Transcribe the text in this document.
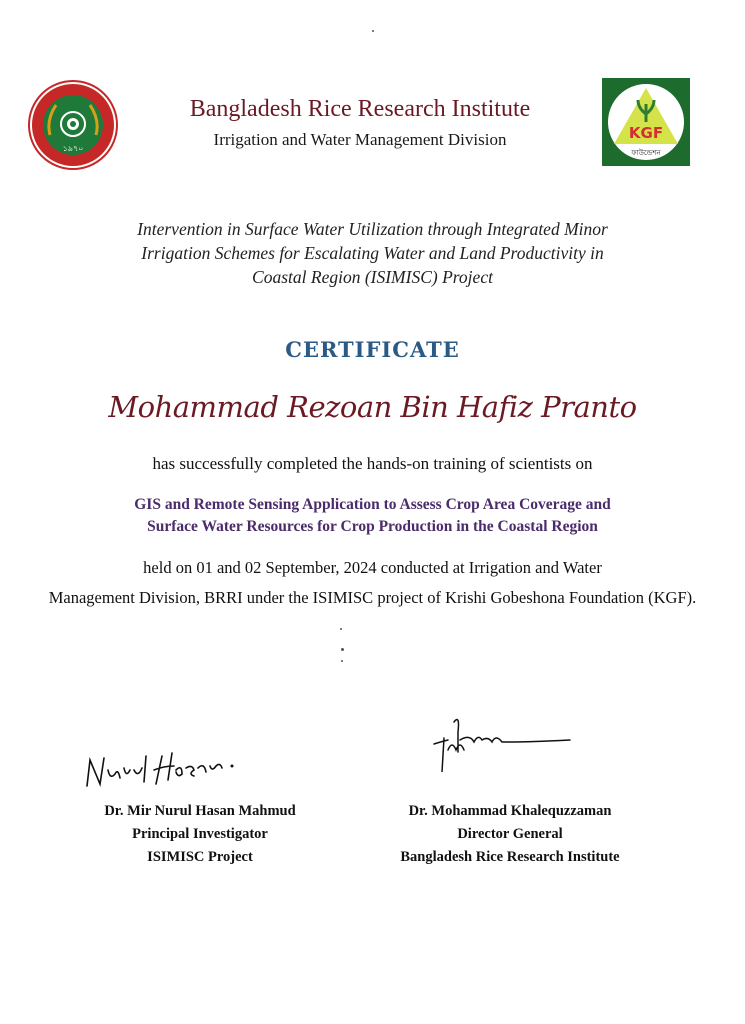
১৯৭০
Bangladesh Rice Research Institute
Irrigation and Water Management Division	KGF
ফাউন্ডেশন
Intervention in Surface Water Utilization through Integrated Minor
Irrigation Schemes for Escalating Water and Land Productivity in
Coastal Region (ISIMISC) Project
CERTIFICATE
Mohammad Rezoan Bin Hafiz Pranto
has successfully completed the hands-on training of scientists on
GIS and Remote Sensing Application to Assess Crop Area Coverage and
Surface Water Resources for Crop Production in the Coastal Region
held on 01 and 02 September, 2024 conducted at Irrigation and Water
Management Division, BRRI under the ISIMISC project of Krishi Gobeshona Foundation (KGF).
Dr. Mir Nurul Hasan Mahmud
Principal Investigator
ISIMISC Project
Dr. Mohammad Khalequzzaman
Director General
Bangladesh Rice Research Institute
